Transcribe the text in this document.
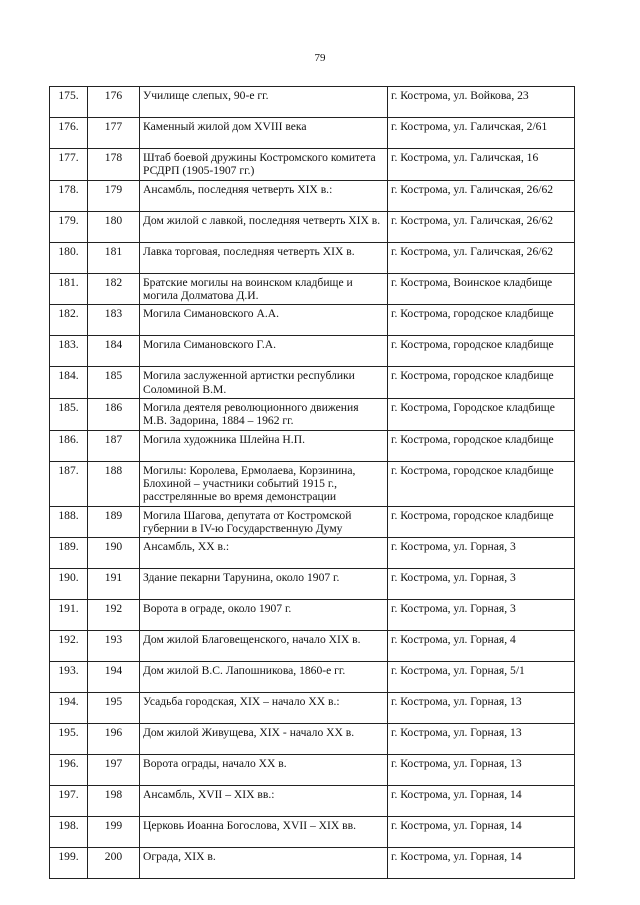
79
175.	176	Училище слепых, 90-е гг.	г. Кострома, ул. Войкова, 23
176.	177	Каменный жилой дом XVIII века	г. Кострома, ул. Галичская, 2/61
177.	178	Штаб боевой дружины Костромского комитета РСДРП (1905-1907 гг.)	г. Кострома, ул. Галичская, 16
178.	179	Ансамбль, последняя четверть XIX в.:	г. Кострома, ул. Галичская, 26/62
179.	180	Дом жилой с лавкой, последняя четверть XIX в.	г. Кострома, ул. Галичская, 26/62
180.	181	Лавка торговая, последняя четверть XIX в.	г. Кострома, ул. Галичская, 26/62
181.	182	Братские могилы на воинском кладбище и могила Долматова Д.И.	г. Кострома, Воинское кладбище
182.	183	Могила Симановского А.А.	г. Кострома, городское кладбище
183.	184	Могила Симановского Г.А.	г. Кострома, городское кладбище
184.	185	Могила заслуженной артистки республики Соломиной В.М.	г. Кострома, городское кладбище
185.	186	Могила деятеля революционного движения М.В. Задорина, 1884 – 1962 гг.	г. Кострома, Городское кладбище
186.	187	Могила художника Шлейна Н.П.	г. Кострома, городское кладбище
187.	188	Могилы: Королева, Ермолаева, Корзинина, Блохиной – участники событий 1915 г., расстрелянные во время демонстрации	г. Кострома, городское кладбище
188.	189	Могила Шагова, депутата от Костромской губернии в IV-ю Государственную Думу	г. Кострома, городское кладбище
189.	190	Ансамбль, XX в.:	г. Кострома, ул. Горная, 3
190.	191	Здание пекарни Тарунина, около 1907 г.	г. Кострома, ул. Горная, 3
191.	192	Ворота в ограде, около 1907 г.	г. Кострома, ул. Горная, 3
192.	193	Дом жилой Благовещенского, начало XIX в.	г. Кострома, ул. Горная, 4
193.	194	Дом жилой В.С. Лапошникова, 1860-е гг.	г. Кострома, ул. Горная, 5/1
194.	195	Усадьба городская, XIX – начало XX в.:	г. Кострома, ул. Горная, 13
195.	196	Дом жилой Живущева, XIX - начало XX в.	г. Кострома, ул. Горная, 13
196.	197	Ворота ограды, начало XX в.	г. Кострома, ул. Горная, 13
197.	198	Ансамбль, XVII – XIX вв.:	г. Кострома, ул. Горная, 14
198.	199	Церковь Иоанна Богослова, XVII – XIX вв.	г. Кострома, ул. Горная, 14
199.	200	Ограда, XIX в.	г. Кострома, ул. Горная, 14
